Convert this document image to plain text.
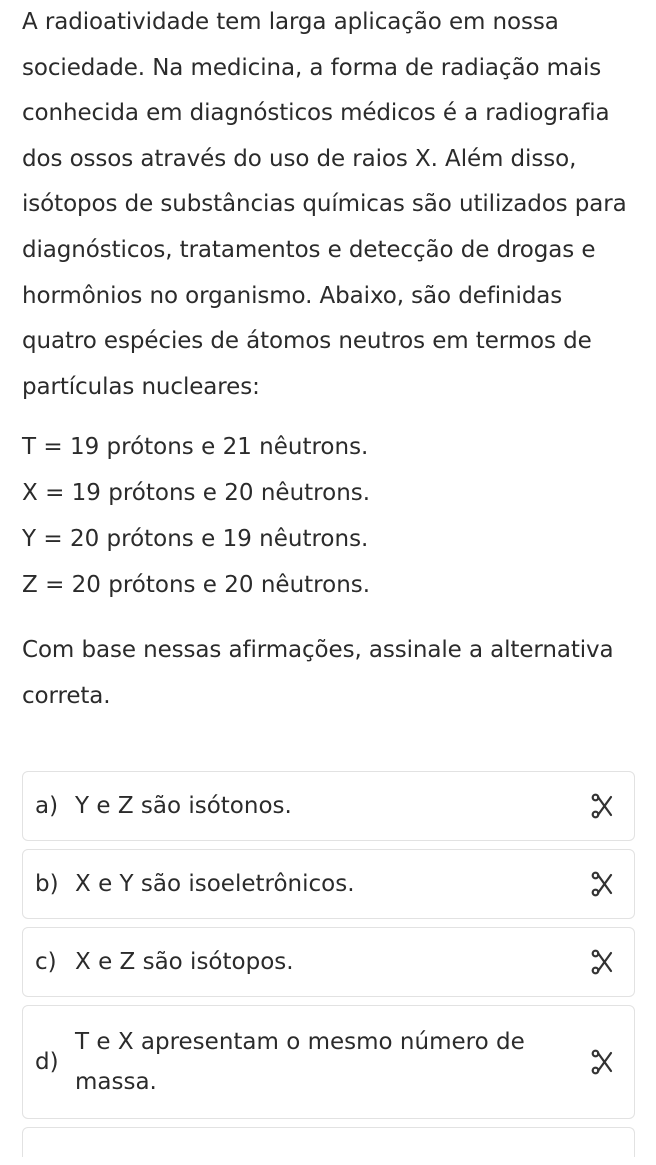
A radioatividade tem larga aplicação em nossa sociedade. Na medicina, a forma de radiação mais conhecida em diagnósticos médicos é a radiografia dos ossos através do uso de raios X. Além disso, isótopos de substâncias químicas são utilizados para diagnósticos, tratamentos e detecção de drogas e hormônios no organismo. Abaixo, são definidas quatro espécies de átomos neutros em termos de partículas nucleares:

T = 19 prótons e 21 nêutrons.
X = 19 prótons e 20 nêutrons.
Y = 20 prótons e 19 nêutrons.
Z = 20 prótons e 20 nêutrons.

Com base nessas afirmações, assinale a alternativa correta.

a) Y e Z são isótonos.
b) X e Y são isoeletrônicos.
c) X e Z são isótopos.
d)
T e X apresentam o mesmo número de massa.
